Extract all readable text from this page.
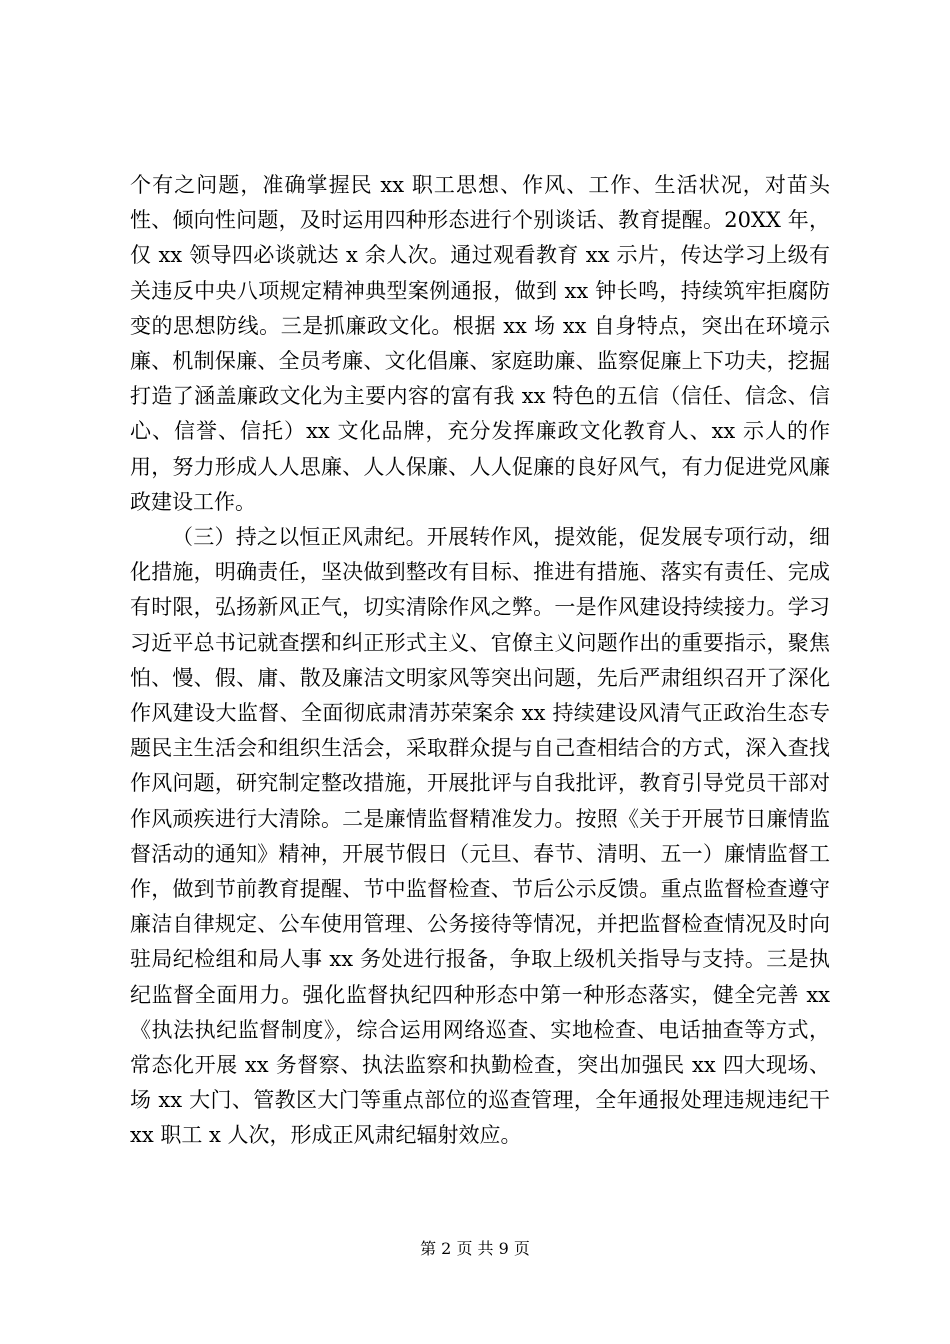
个有之问题，准确掌握民 xx 职工思想、作风、工作、生活状况，对苗头性、倾向性问题，及时运用四种形态进行个别谈话、教育提醒。20XX 年，仅 xx 领导四必谈就达 x 余人次。通过观看教育 xx 示片，传达学习上级有关违反中央八项规定精神典型案例通报，做到 xx 钟长鸣，持续筑牢拒腐防变的思想防线。三是抓廉政文化。根据 xx 场 xx 自身特点，突出在环境示廉、机制保廉、全员考廉、文化倡廉、家庭助廉、监察促廉上下功夫，挖掘打造了涵盖廉政文化为主要内容的富有我 xx 特色的五信（信任、信念、信心、信誉、信托）xx 文化品牌，充分发挥廉政文化教育人、xx 示人的作用，努力形成人人思廉、人人保廉、人人促廉的良好风气，有力促进党风廉政建设工作。

（三）持之以恒正风肃纪。开展转作风，提效能，促发展专项行动，细化措施，明确责任，坚决做到整改有目标、推进有措施、落实有责任、完成有时限，弘扬新风正气，切实清除作风之弊。一是作风建设持续接力。学习习近平总书记就查摆和纠正形式主义、官僚主义问题作出的重要指示，聚焦怕、慢、假、庸、散及廉洁文明家风等突出问题，先后严肃组织召开了深化作风建设大监督、全面彻底肃清苏荣案余 xx 持续建设风清气正政治生态专题民主生活会和组织生活会，采取群众提与自己查相结合的方式，深入查找作风问题，研究制定整改措施，开展批评与自我批评，教育引导党员干部对作风顽疾进行大清除。二是廉情监督精准发力。按照《关于开展节日廉情监督活动的通知》精神，开展节假日（元旦、春节、清明、五一）廉情监督工作，做到节前教育提醒、节中监督检查、节后公示反馈。重点监督检查遵守廉洁自律规定、公车使用管理、公务接待等情况，并把监督检查情况及时向驻局纪检组和局人事 xx 务处进行报备，争取上级机关指导与支持。三是执纪监督全面用力。强化监督执纪四种形态中第一种形态落实，健全完善 xx《执法执纪监督制度》，综合运用网络巡查、实地检查、电话抽查等方式，常态化开展 xx 务督察、执法监察和执勤检查，突出加强民 xx 四大现场、场 xx 大门、管教区大门等重点部位的巡查管理，全年通报处理违规违纪干 xx 职工 x 人次，形成正风肃纪辐射效应。

第 2 页 共 9 页
